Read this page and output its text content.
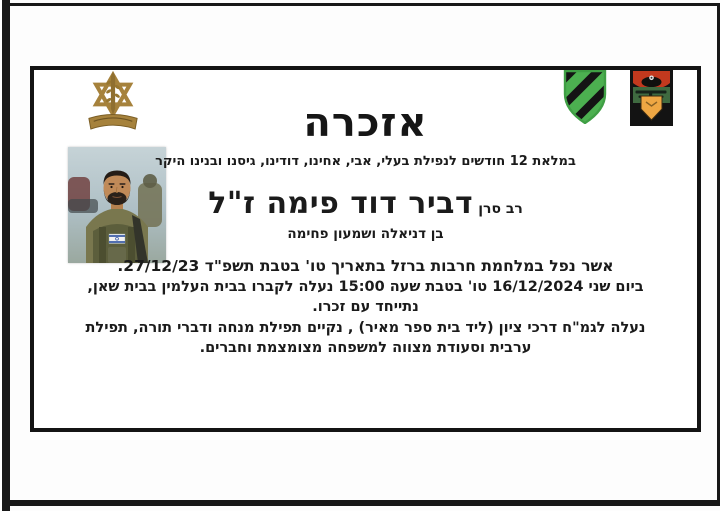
אזכרה
במלאת 12 חודשים לנפילת בעלי, אבי, אחינו, דודינו, גיסנו ובנינו היקר
רב סרן דביר דוד פימה ז"ל
בן דניאלה ושמעון פחימה
אשר נפל במלחמת חרבות ברזל בתאריך טו' בטבת תשפ"ד 27/12/23.
ביום שני 16/12/2024 טו' בטבת שעה 15:00 נעלה לקברו בבית העלמין בבית שאן,
נתייחד עם זכרו.
נעלה לגמ"ח דרכי ציון (ליד בית ספר מאיר) , נקיים תפילת מנחה ודברי תורה, תפילת
ערבית וסעודת מצווה למשפחה מצומצמת וחברים.
